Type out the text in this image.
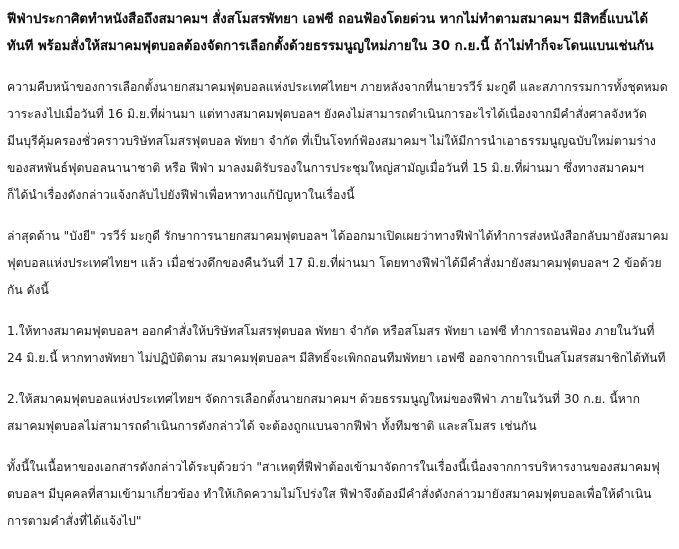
ฟีฟ่าประกาศิตทำหนังสือถึงสมาคมฯ สั่งสโมสรพัทยา เอฟซี ถอนฟ้องโดยด่วน หากไม่ทำตามสมาคมฯ มีสิทธิ์แบนได้ทันที พร้อมสั่งให้สมาคมฟุตบอลต้องจัดการเลือกตั้งด้วยธรรมนูญใหม่ภายใน 30 ก.ย.นี้ ถ้าไม่ทำก็จะโดนแบนเช่นกัน
ความคืบหน้าของการเลือกตั้งนายกสมาคมฟุตบอลแห่งประเทศไทยฯ ภายหลังจากที่นายวรวีร์ มะกูดี และสภากรรมการทั้งชุดหมดวาระลงไปเมื่อวันที่ 16 มิ.ย.ที่ผ่านมา แต่ทางสมาคมฟุตบอลฯ ยังคงไม่สามารถดำเนินการอะไรได้เนื่องจากมีคำสั่งศาลจังหวัดมีนบุรีคุ้มครองชั่วคราวบริษัทสโมสรฟุตบอล พัทยา จำกัด ที่เป็นโจทก์ฟ้องสมาคมฯ ไม่ให้มีการนำเอาธรรมนูญฉบับใหม่ตามร่างของสหพันธ์ฟุตบอลนานาชาติ หรือ ฟีฟ่า มาลงมติรับรองในการประชุมใหญ่สามัญเมื่อวันที่ 15 มิ.ย.ที่ผ่านมา ซึ่งทางสมาคมฯ ก็ได้นำเรื่องดังกล่าวแจ้งกลับไปยังฟีฟ่าเพื่อหาทางแก้ปัญหาในเรื่องนี้
ล่าสุดด้าน "บังยี" วรวีร์ มะกูดี รักษาการนายกสมาคมฟุตบอลฯ ได้ออกมาเปิดเผยว่าทางฟีฟ่าได้ทำการส่งหนังสือกลับมายังสมาคมฟุตบอลแห่งประเทศไทยฯ แล้ว เมื่อช่วงดึกของคืนวันที่ 17 มิ.ย.ที่ผ่านมา โดยทางฟีฟ่าได้มีคำสั่งมายังสมาคมฟุตบอลฯ 2 ข้อด้วยกัน ดังนี้
1.ให้ทางสมาคมฟุตบอลฯ ออกคำสั่งให้บริษัทสโมสรฟุตบอล พัทยา จำกัด หรือสโมสร พัทยา เอฟซี ทำการถอนฟ้อง ภายในวันที่ 24 มิ.ย.นี้ หากทางพัทยา ไม่ปฏิบัติตาม สมาคมฟุตบอลฯ มีสิทธิ์จะเพิกถอนทีมพัทยา เอฟซี ออกจากการเป็นสโมสรสมาชิกได้ทันที
2.ให้สมาคมฟุตบอลแห่งประเทศไทยฯ จัดการเลือกตั้งนายกสมาคมฯ ด้วยธรรมนูญใหม่ของฟีฟ่า ภายในวันที่ 30 ก.ย. นี้หากสมาคมฟุตบอลไม่สามารถดำเนินการดังกล่าวได้ จะต้องถูกแบนจากฟีฟ่า ทั้งทีมชาติ และสโมสร เช่นกัน
ทั้งนี้ในเนื้อหาของเอกสารดังกล่าวได้ระบุด้วยว่า "สาเหตุที่ฟีฟ่าต้องเข้ามาจัดการในเรื่องนี้เนื่องจากการบริหารงานของสมาคมฟุตบอลฯ มีบุคคลที่สามเข้ามาเกี่ยวข้อง ทำให้เกิดความไม่โปร่งใส ฟีฟ่าจึงต้องมีคำสั่งดังกล่าวมายังสมาคมฟุตบอลเพื่อให้ดำเนินการตามคำสั่งที่ได้แจ้งไป"
